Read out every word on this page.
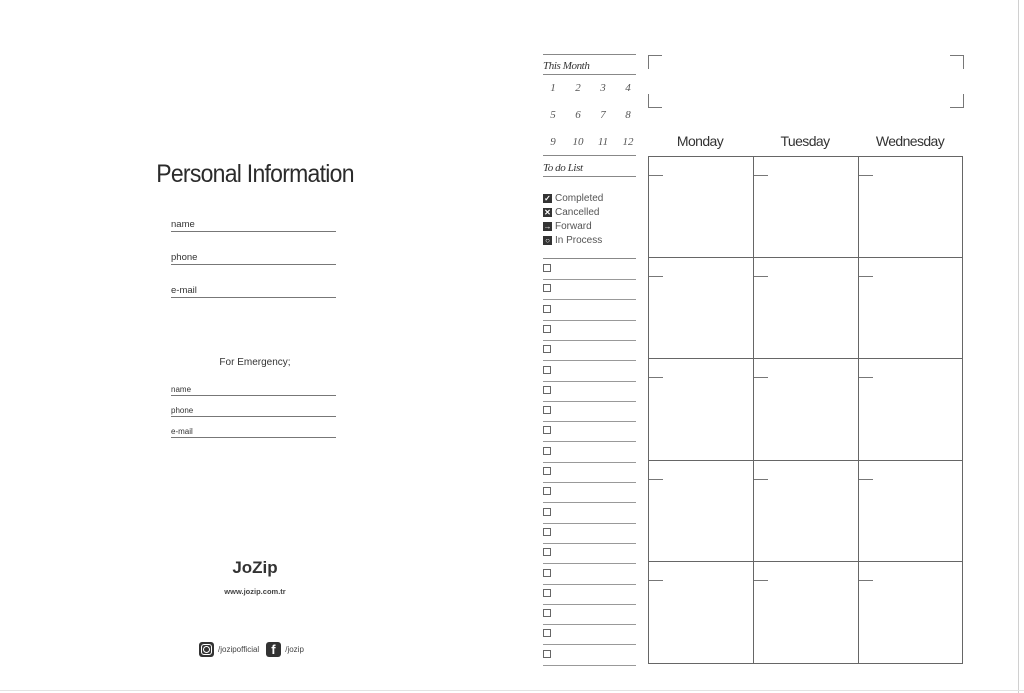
Personal Information
name
phone
e-mail
For Emergency;
name
phone
e-mail
JoZip
www.jozip.com.tr
/jozipofficial f /jozip
This Month
1	2	3	4
5	6	7	8
9	10	11	12
To do List
✓ Completed
✕ Cancelled
→ Forward
○ In Process
Monday	Tuesday	Wednesday
